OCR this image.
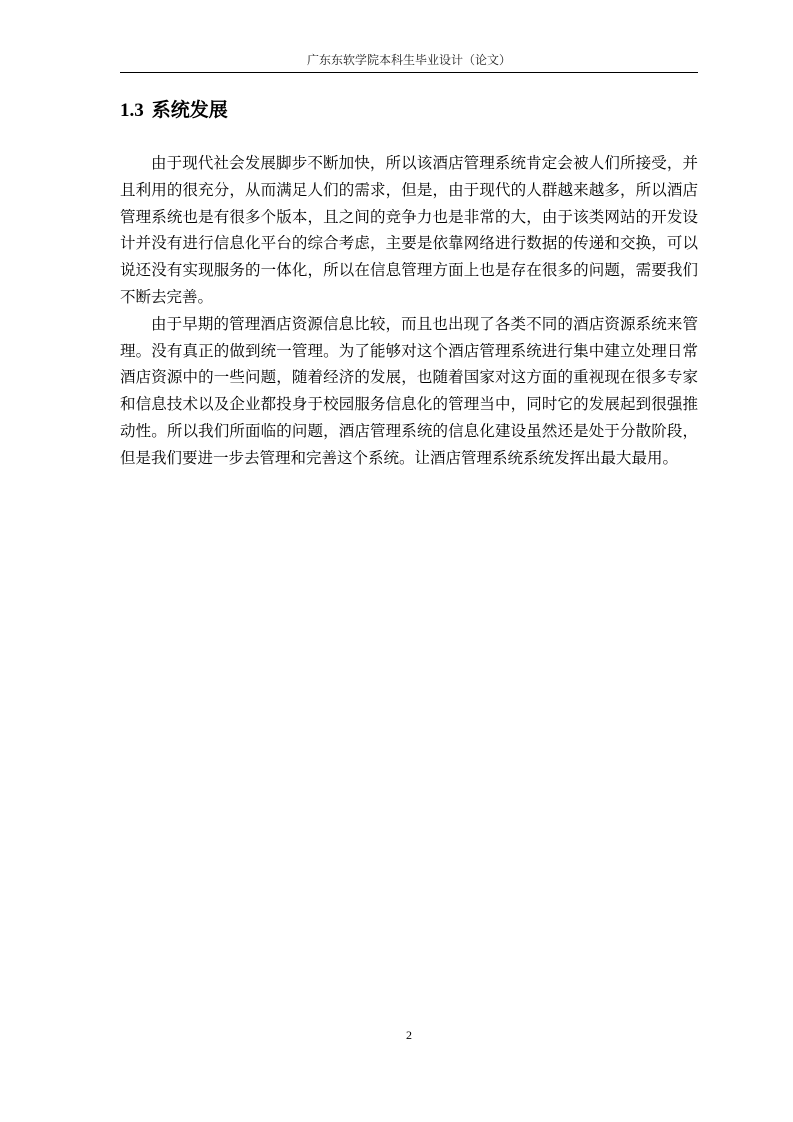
广东东软学院本科生毕业设计（论文）
1.3 系统发展

由于现代社会发展脚步不断加快，所以该酒店管理系统肯定会被人们所接受，并且利用的很充分，从而满足人们的需求，但是，由于现代的人群越来越多，所以酒店管理系统也是有很多个版本，且之间的竞争力也是非常的大，由于该类网站的开发设计并没有进行信息化平台的综合考虑，主要是依靠网络进行数据的传递和交换，可以说还没有实现服务的一体化，所以在信息管理方面上也是存在很多的问题，需要我们不断去完善。

由于早期的管理酒店资源信息比较，而且也出现了各类不同的酒店资源系统来管理。没有真正的做到统一管理。为了能够对这个酒店管理系统进行集中建立处理日常酒店资源中的一些问题，随着经济的发展，也随着国家对这方面的重视现在很多专家和信息技术以及企业都投身于校园服务信息化的管理当中，同时它的发展起到很强推动性。所以我们所面临的问题，酒店管理系统的信息化建设虽然还是处于分散阶段，但是我们要进一步去管理和完善这个系统。让酒店管理系统系统发挥出最大最用。

2
